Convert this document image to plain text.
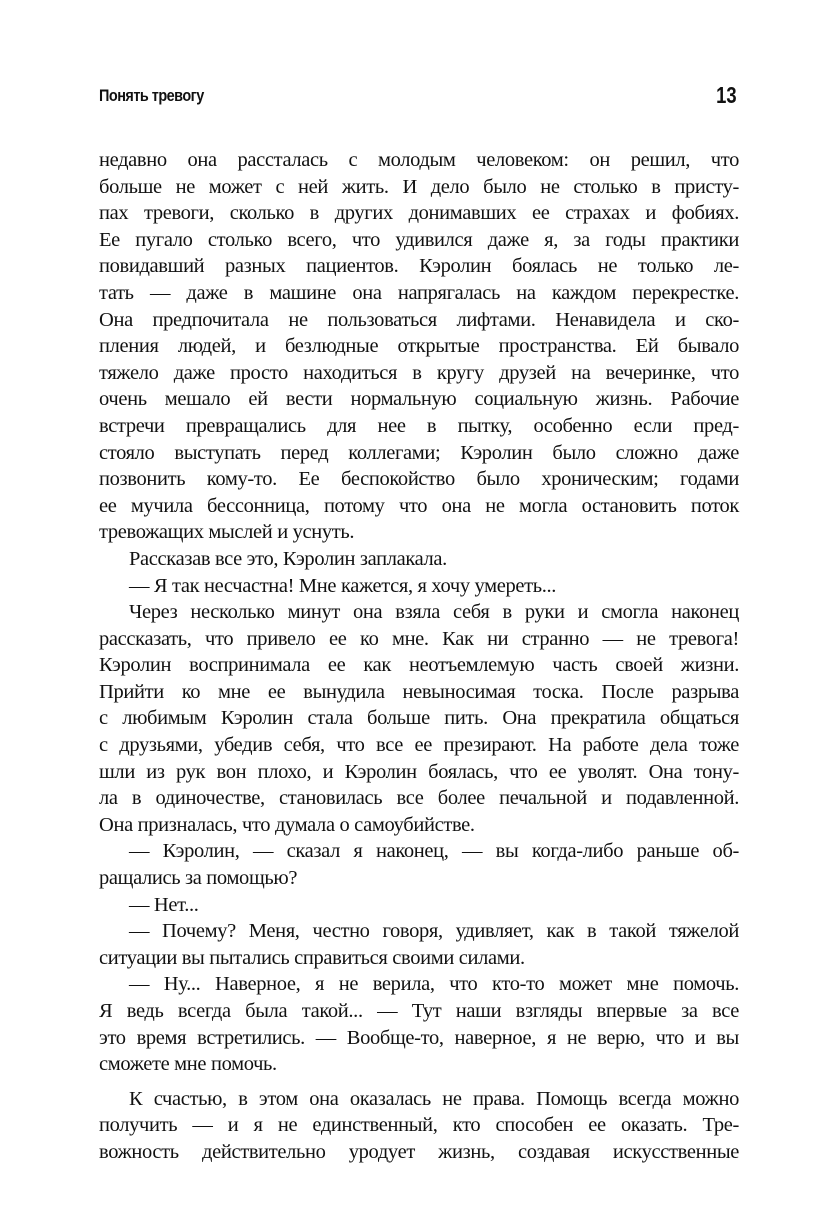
Понять тревогу	13
недавно она рассталась с молодым человеком: он решил, что
больше не может с ней жить. И дело было не столько в присту-
пах тревоги, сколько в других донимавших ее страхах и фобиях.
Ее пугало столько всего, что удивился даже я, за годы практики
повидавший разных пациентов. Кэролин боялась не только ле-
тать — даже в машине она напрягалась на каждом перекрестке.
Она предпочитала не пользоваться лифтами. Ненавидела и ско-
пления людей, и безлюдные открытые пространства. Ей бывало
тяжело даже просто находиться в кругу друзей на вечеринке, что
очень мешало ей вести нормальную социальную жизнь. Рабочие
встречи превращались для нее в пытку, особенно если пред-
стояло выступать перед коллегами; Кэролин было сложно даже
позвонить кому-то. Ее беспокойство было хроническим; годами
ее мучила бессонница, потому что она не могла остановить поток
тревожащих мыслей и уснуть.
Рассказав все это, Кэролин заплакала.
— Я так несчастна! Мне кажется, я хочу умереть...
Через несколько минут она взяла себя в руки и смогла наконец
рассказать, что привело ее ко мне. Как ни странно — не тревога!
Кэролин воспринимала ее как неотъемлемую часть своей жизни.
Прийти ко мне ее вынудила невыносимая тоска. После разрыва
с любимым Кэролин стала больше пить. Она прекратила общаться
с друзьями, убедив себя, что все ее презирают. На работе дела тоже
шли из рук вон плохо, и Кэролин боялась, что ее уволят. Она тону-
ла в одиночестве, становилась все более печальной и подавленной.
Она призналась, что думала о самоубийстве.
— Кэролин, — сказал я наконец, — вы когда-либо раньше об-
ращались за помощью?
— Нет...
— Почему? Меня, честно говоря, удивляет, как в такой тяжелой
ситуации вы пытались справиться своими силами.
— Ну... Наверное, я не верила, что кто-то может мне помочь.
Я ведь всегда была такой... — Тут наши взгляды впервые за все
это время встретились. — Вообще-то, наверное, я не верю, что и вы
сможете мне помочь.
К счастью, в этом она оказалась не права. Помощь всегда можно
получить — и я не единственный, кто способен ее оказать. Тре-
вожность действительно уродует жизнь, создавая искусственные
